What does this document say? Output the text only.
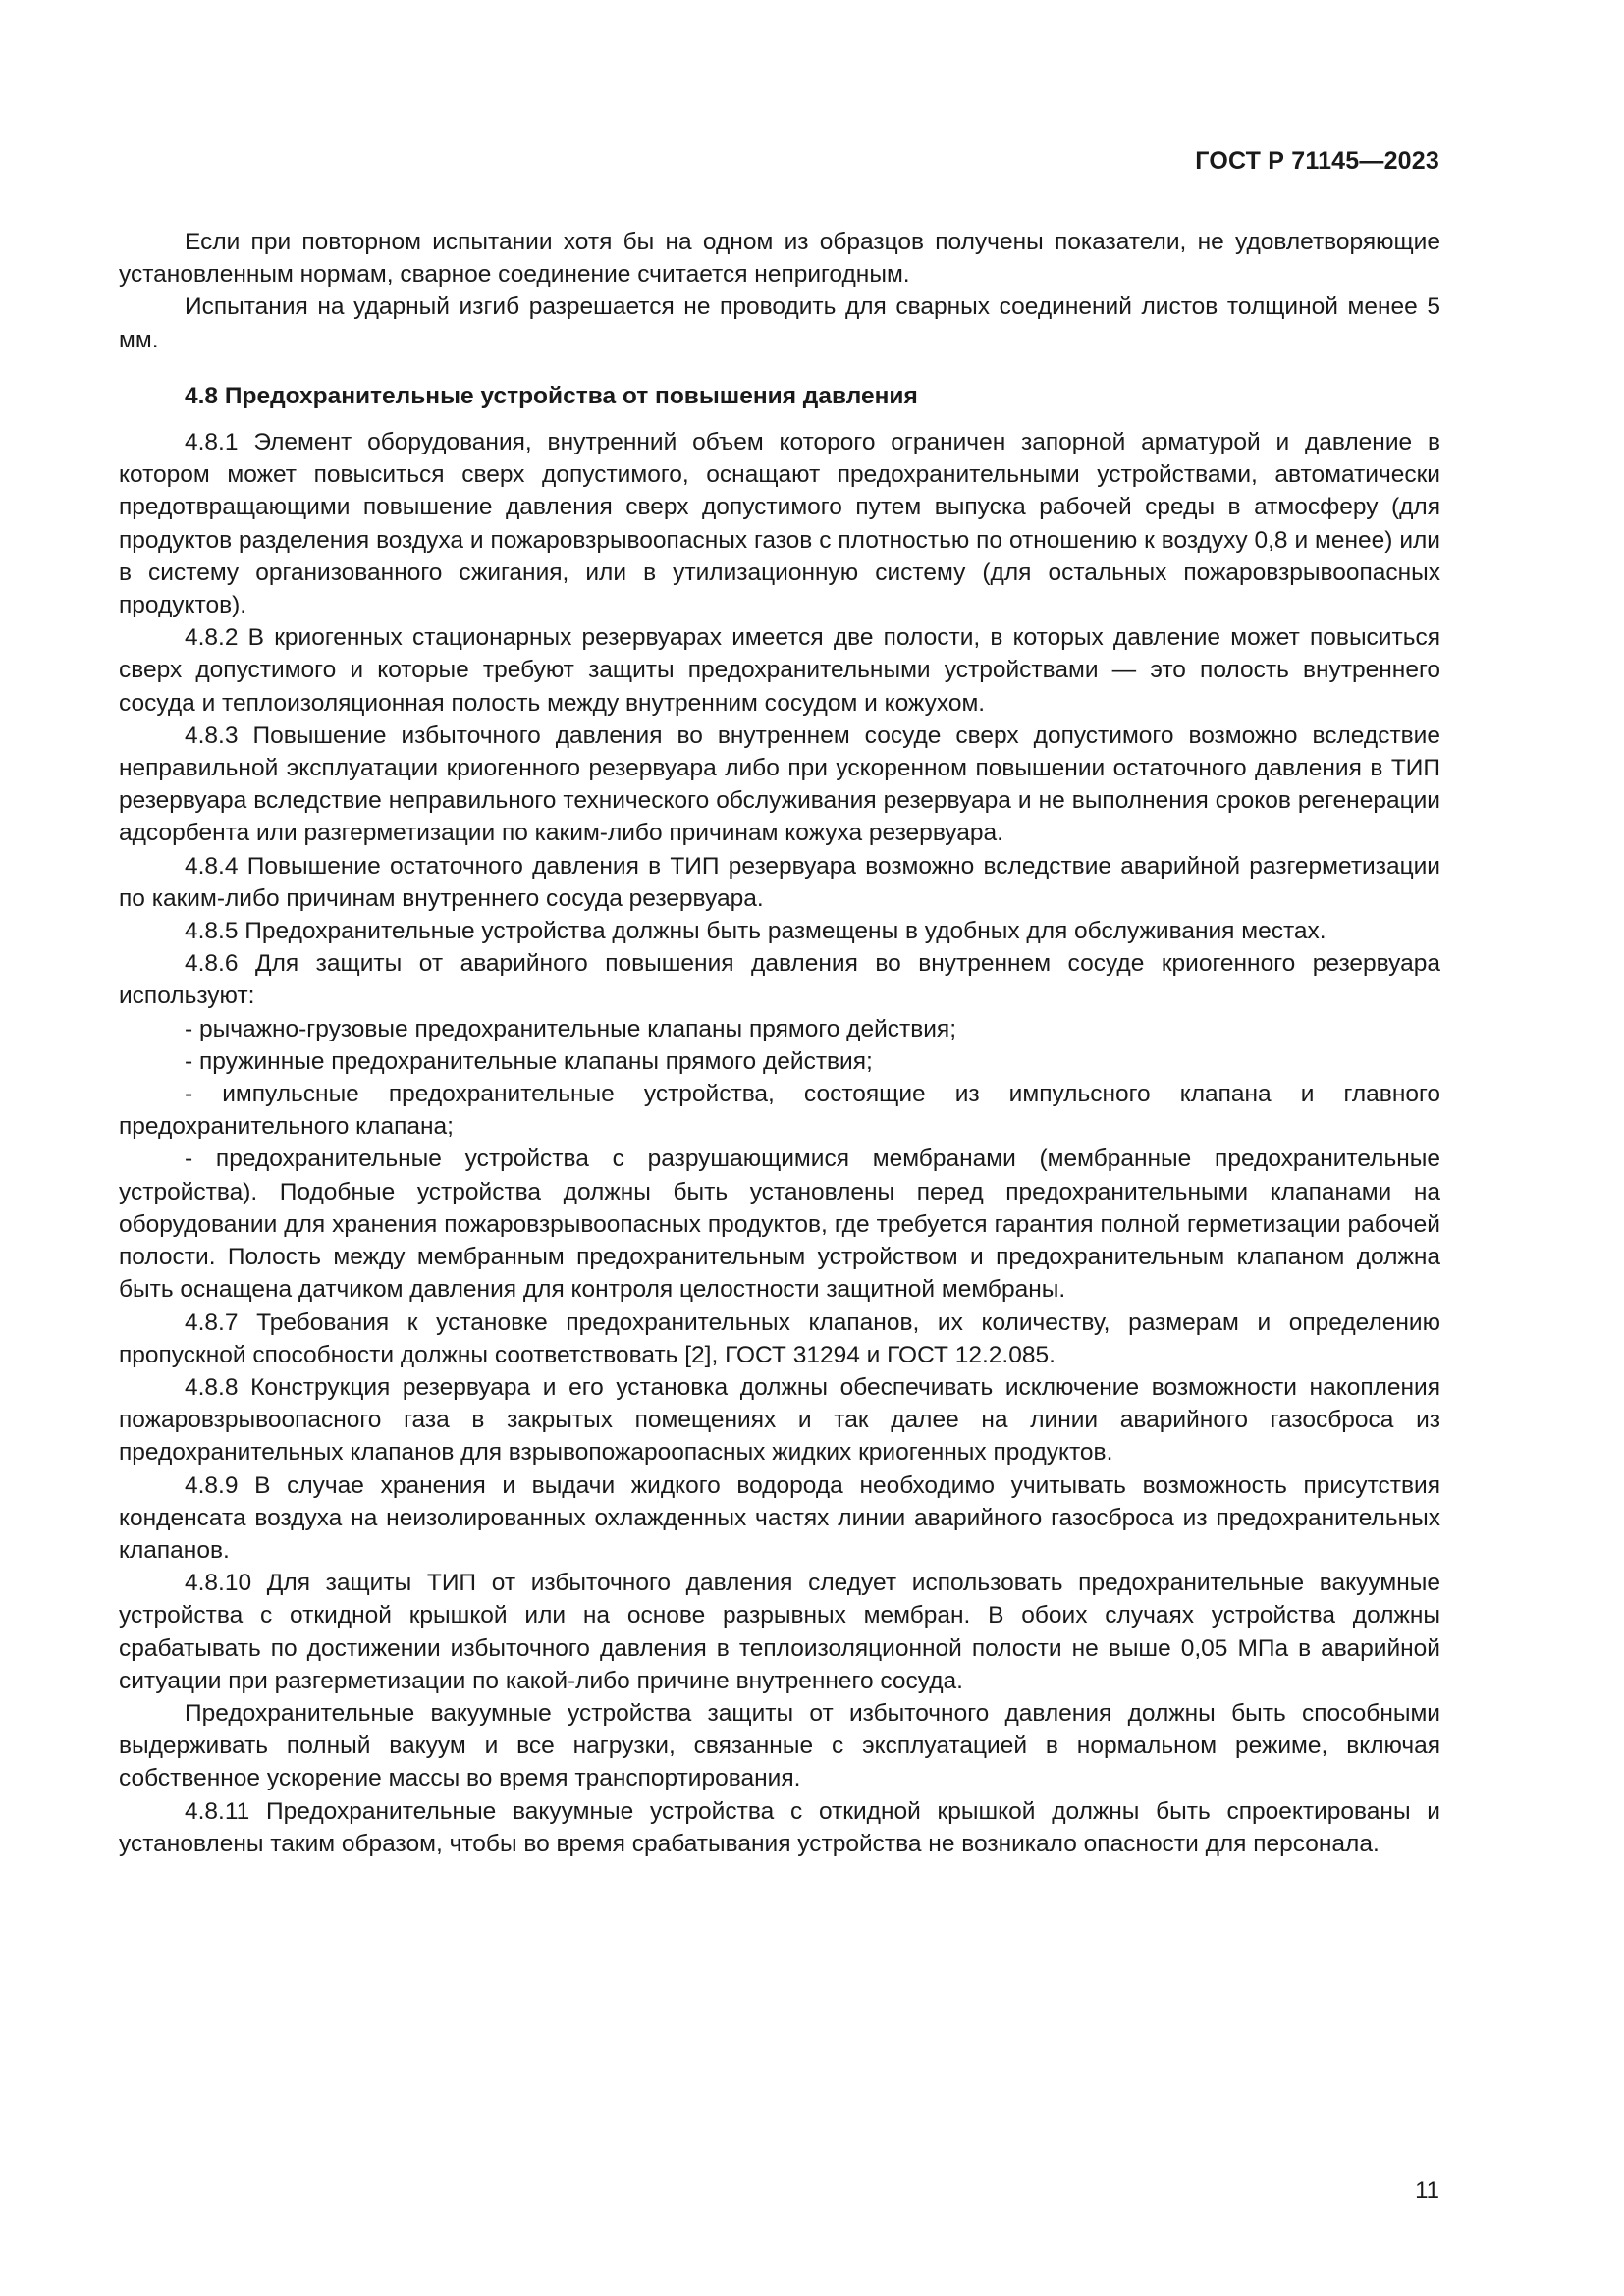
ГОСТ Р 71145—2023

Если при повторном испытании хотя бы на одном из образцов получены показатели, не удовлетворяющие установленным нормам, сварное соединение считается непригодным.

Испытания на ударный изгиб разрешается не проводить для сварных соединений листов толщиной менее 5 мм.

4.8 Предохранительные устройства от повышения давления

4.8.1 Элемент оборудования, внутренний объем которого ограничен запорной арматурой и давление в котором может повыситься сверх допустимого, оснащают предохранительными устройствами, автоматически предотвращающими повышение давления сверх допустимого путем выпуска рабочей среды в атмосферу (для продуктов разделения воздуха и пожаровзрывоопасных газов с плотностью по отношению к воздуху 0,8 и менее) или в систему организованного сжигания, или в утилизационную систему (для остальных пожаровзрывоопасных продуктов).

4.8.2 В криогенных стационарных резервуарах имеется две полости, в которых давление может повыситься сверх допустимого и которые требуют защиты предохранительными устройствами — это полость внутреннего сосуда и теплоизоляционная полость между внутренним сосудом и кожухом.

4.8.3 Повышение избыточного давления во внутреннем сосуде сверх допустимого возможно вследствие неправильной эксплуатации криогенного резервуара либо при ускоренном повышении остаточного давления в ТИП резервуара вследствие неправильного технического обслуживания резервуара и не выполнения сроков регенерации адсорбента или разгерметизации по каким-либо причинам кожуха резервуара.

4.8.4 Повышение остаточного давления в ТИП резервуара возможно вследствие аварийной разгерметизации по каким-либо причинам внутреннего сосуда резервуара.

4.8.5 Предохранительные устройства должны быть размещены в удобных для обслуживания местах.

4.8.6 Для защиты от аварийного повышения давления во внутреннем сосуде криогенного резервуара используют:

- рычажно-грузовые предохранительные клапаны прямого действия;

- пружинные предохранительные клапаны прямого действия;

- импульсные предохранительные устройства, состоящие из импульсного клапана и главного предохранительного клапана;

- предохранительные устройства с разрушающимися мембранами (мембранные предохранительные устройства). Подобные устройства должны быть установлены перед предохранительными клапанами на оборудовании для хранения пожаровзрывоопасных продуктов, где требуется гарантия полной герметизации рабочей полости. Полость между мембранным предохранительным устройством и предохранительным клапаном должна быть оснащена датчиком давления для контроля целостности защитной мембраны.

4.8.7 Требования к установке предохранительных клапанов, их количеству, размерам и определению пропускной способности должны соответствовать [2], ГОСТ 31294 и ГОСТ 12.2.085.

4.8.8 Конструкция резервуара и его установка должны обеспечивать исключение возможности накопления пожаровзрывоопасного газа в закрытых помещениях и так далее на линии аварийного газосброса из предохранительных клапанов для взрывопожароопасных жидких криогенных продуктов.

4.8.9 В случае хранения и выдачи жидкого водорода необходимо учитывать возможность присутствия конденсата воздуха на неизолированных охлажденных частях линии аварийного газосброса из предохранительных клапанов.

4.8.10 Для защиты ТИП от избыточного давления следует использовать предохранительные вакуумные устройства с откидной крышкой или на основе разрывных мембран. В обоих случаях устройства должны срабатывать по достижении избыточного давления в теплоизоляционной полости не выше 0,05 МПа в аварийной ситуации при разгерметизации по какой-либо причине внутреннего сосуда.

Предохранительные вакуумные устройства защиты от избыточного давления должны быть способными выдерживать полный вакуум и все нагрузки, связанные с эксплуатацией в нормальном режиме, включая собственное ускорение массы во время транспортирования.

4.8.11 Предохранительные вакуумные устройства с откидной крышкой должны быть спроектированы и установлены таким образом, чтобы во время срабатывания устройства не возникало опасности для персонала.

11
